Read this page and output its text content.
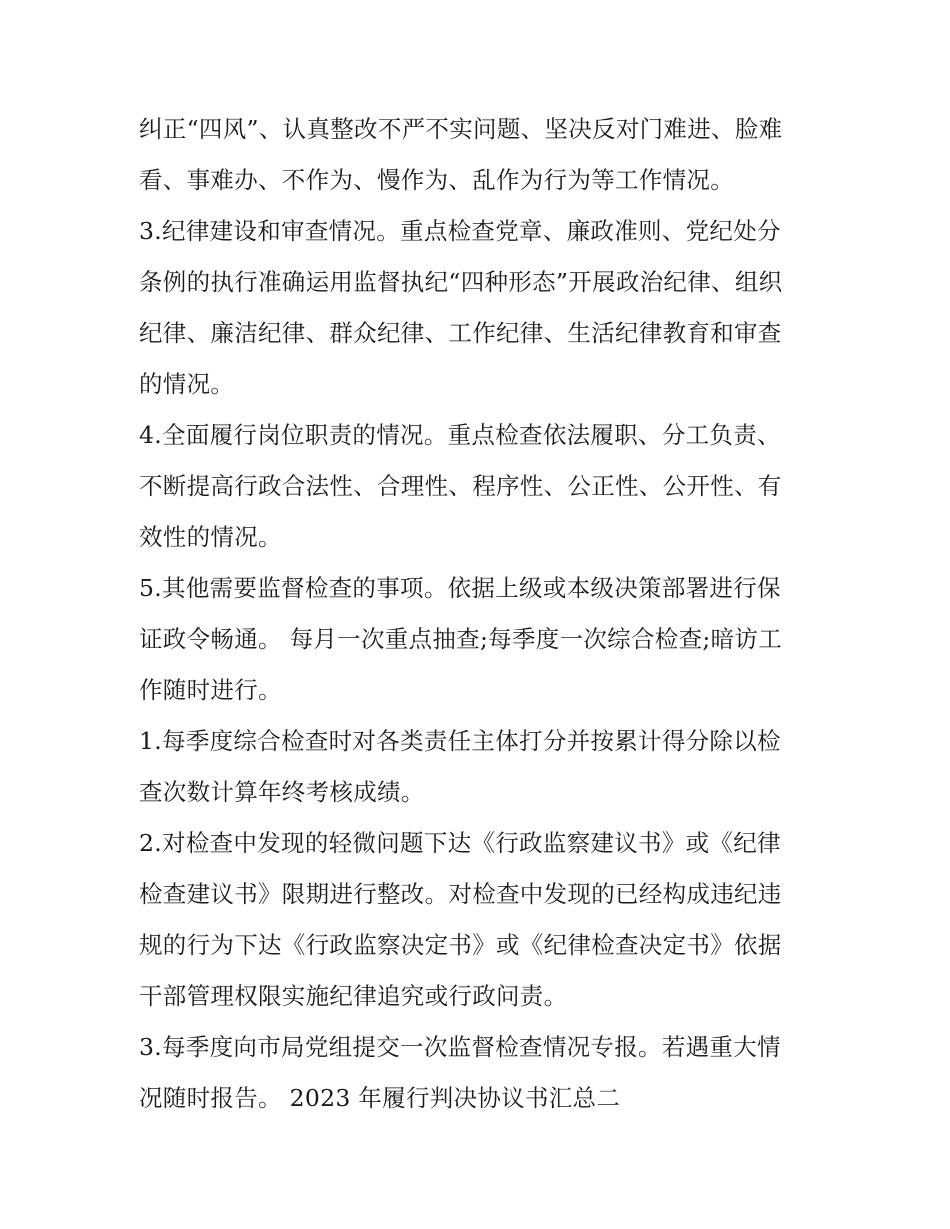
纠正“四风”、认真整改不严不实问题、坚决反对门难进、脸难
看、事难办、不作为、慢作为、乱作为行为等工作情况。
3.纪律建设和审查情况。重点检查党章、廉政准则、党纪处分
条例的执行准确运用监督执纪“四种形态”开展政治纪律、组织
纪律、廉洁纪律、群众纪律、工作纪律、生活纪律教育和审查
的情况。
4.全面履行岗位职责的情况。重点检查依法履职、分工负责、
不断提高行政合法性、合理性、程序性、公正性、公开性、有
效性的情况。
5.其他需要监督检查的事项。依据上级或本级决策部署进行保
证政令畅通。 每月一次重点抽查;每季度一次综合检查;暗访工
作随时进行。
1.每季度综合检查时对各类责任主体打分并按累计得分除以检
查次数计算年终考核成绩。
2.对检查中发现的轻微问题下达《行政监察建议书》或《纪律
检查建议书》限期进行整改。对检查中发现的已经构成违纪违
规的行为下达《行政监察决定书》或《纪律检查决定书》依据
干部管理权限实施纪律追究或行政问责。
3.每季度向市局党组提交一次监督检查情况专报。若遇重大情
况随时报告。 2023 年履行判决协议书汇总二
